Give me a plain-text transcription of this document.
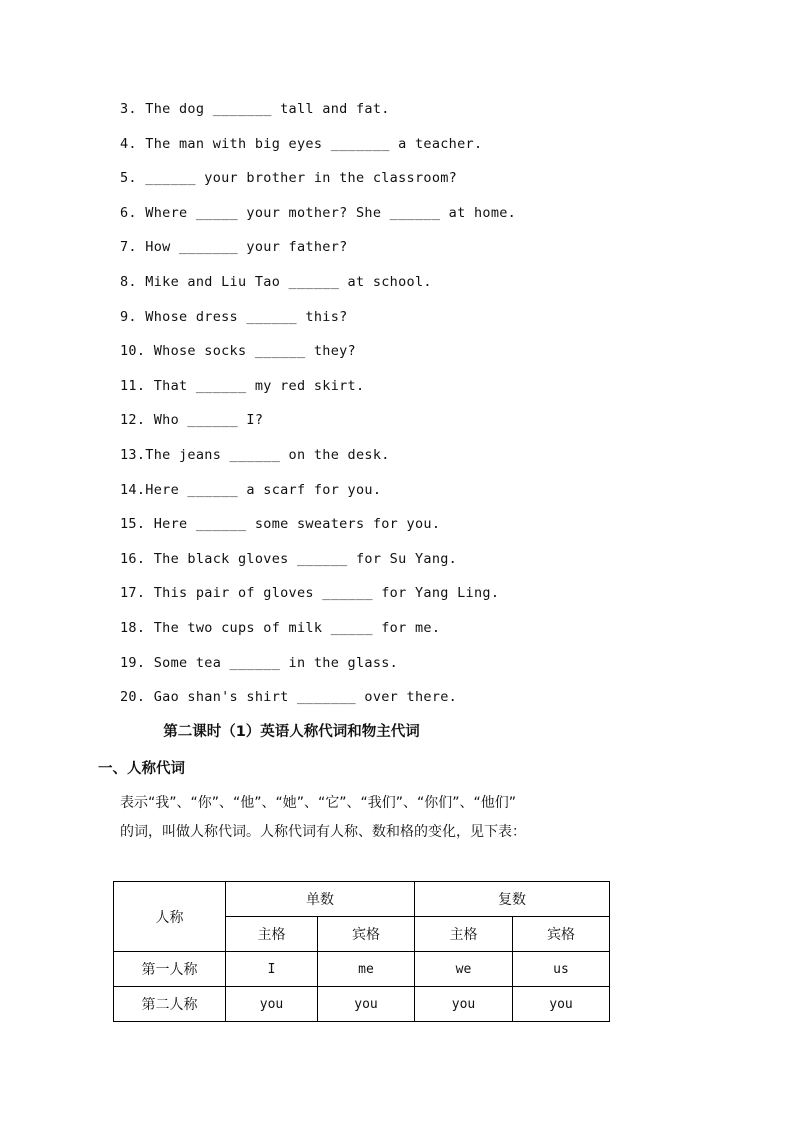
3. The dog _______ tall and fat.
4. The man with big eyes _______ a teacher.
5. ______ your brother in the classroom?
6. Where _____ your mother? She ______ at home.
7. How _______ your father?
8. Mike and Liu Tao ______ at school.
9. Whose dress ______ this?
10. Whose socks ______ they?
11. That ______ my red skirt.
12. Who ______ I?
13.The jeans ______ on the desk.
14.Here ______ a scarf for you.
15. Here ______ some sweaters for you.
16. The black gloves ______ for Su Yang.
17. This pair of gloves ______ for Yang Ling.
18. The two cups of milk _____ for me.
19. Some tea ______ in the glass.
20. Gao shan's shirt _______ over there.
第二课时（1）英语人称代词和物主代词
一、人称代词

表示“我”、“你”、“他”、“她”、“它”、“我们”、“你们”、“他们”

的词，叫做人称代词。人称代词有人称、数和格的变化，见下表：

人称	单数		复数	
	主格	宾格	主格	宾格
第一人称	I	me	we	us
第二人称	you	you	you	you
